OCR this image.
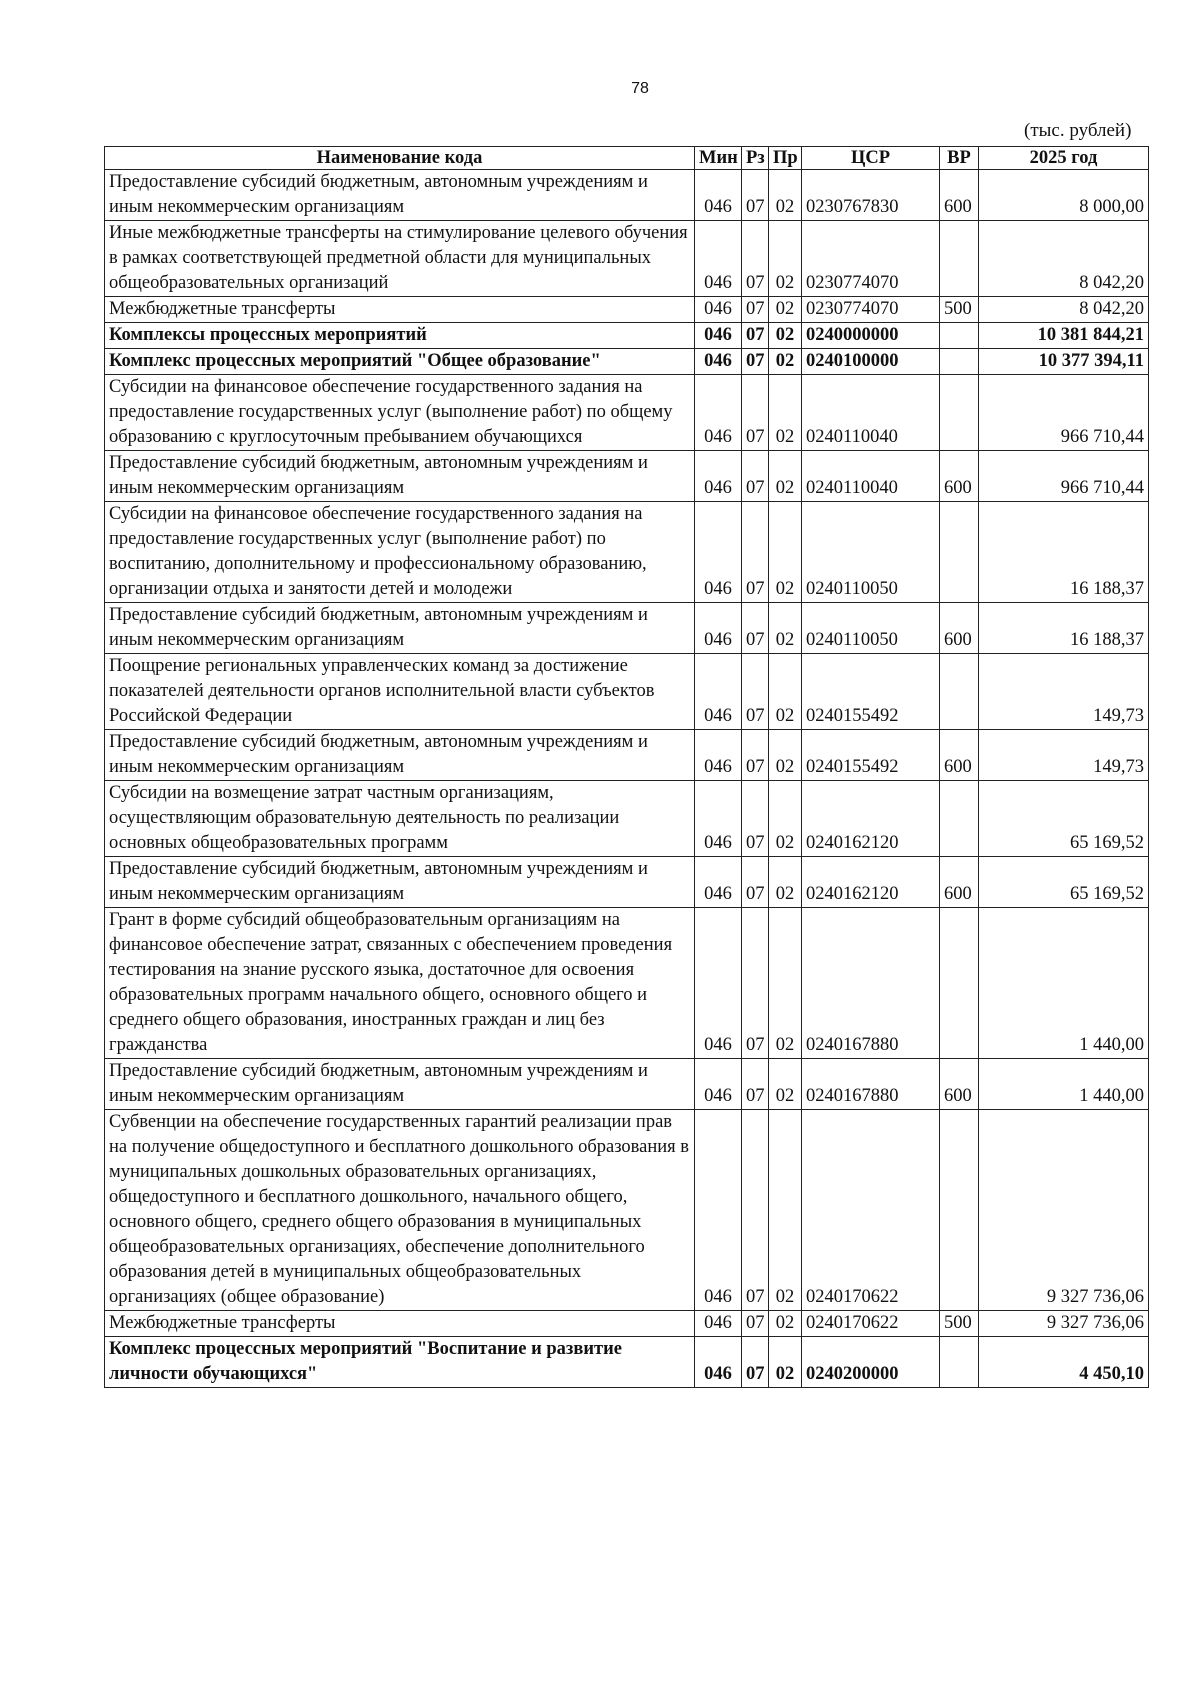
78
(тыс. рублей)
Наименование кода	Мин	Рз	Пр	ЦСР	ВР	2025 год
Предоставление субсидий бюджетным, автономным учреждениям и иным некоммерческим организациям	046	07	02	0230767830	600	8 000,00
Иные межбюджетные трансферты на стимулирование целевого обучения в рамках соответствующей предметной области для муниципальных общеобразовательных организаций	046	07	02	0230774070		8 042,20
Межбюджетные трансферты	046	07	02	0230774070	500	8 042,20
Комплексы процессных мероприятий	046	07	02	0240000000		10 381 844,21
Комплекс процессных мероприятий "Общее образование"	046	07	02	0240100000		10 377 394,11
Субсидии на финансовое обеспечение государственного задания на предоставление государственных услуг (выполнение работ) по общему образованию с круглосуточным пребыванием обучающихся	046	07	02	0240110040		966 710,44
Предоставление субсидий бюджетным, автономным учреждениям и иным некоммерческим организациям	046	07	02	0240110040	600	966 710,44
Субсидии на финансовое обеспечение государственного задания на предоставление государственных услуг (выполнение работ) по воспитанию, дополнительному и профессиональному образованию, организации отдыха и занятости детей и молодежи	046	07	02	0240110050		16 188,37
Предоставление субсидий бюджетным, автономным учреждениям и иным некоммерческим организациям	046	07	02	0240110050	600	16 188,37
Поощрение региональных управленческих команд за достижение показателей деятельности органов исполнительной власти субъектов Российской Федерации	046	07	02	0240155492		149,73
Предоставление субсидий бюджетным, автономным учреждениям и иным некоммерческим организациям	046	07	02	0240155492	600	149,73
Субсидии на возмещение затрат частным организациям, осуществляющим образовательную деятельность по реализации основных общеобразовательных программ	046	07	02	0240162120		65 169,52
Предоставление субсидий бюджетным, автономным учреждениям и иным некоммерческим организациям	046	07	02	0240162120	600	65 169,52
Грант в форме субсидий общеобразовательным организациям на финансовое обеспечение затрат, связанных с обеспечением проведения тестирования на знание русского языка, достаточное для освоения образовательных программ начального общего, основного общего и среднего общего образования, иностранных граждан и лиц без гражданства	046	07	02	0240167880		1 440,00
Предоставление субсидий бюджетным, автономным учреждениям и иным некоммерческим организациям	046	07	02	0240167880	600	1 440,00
Субвенции на обеспечение государственных гарантий реализации прав на получение общедоступного и бесплатного дошкольного образования в муниципальных дошкольных образовательных организациях, общедоступного и бесплатного дошкольного, начального общего, основного общего, среднего общего образования в муниципальных общеобразовательных организациях, обеспечение дополнительного образования детей в муниципальных общеобразовательных организациях (общее образование)	046	07	02	0240170622		9 327 736,06
Межбюджетные трансферты	046	07	02	0240170622	500	9 327 736,06
Комплекс процессных мероприятий "Воспитание и развитие личности обучающихся"	046	07	02	0240200000		4 450,10
